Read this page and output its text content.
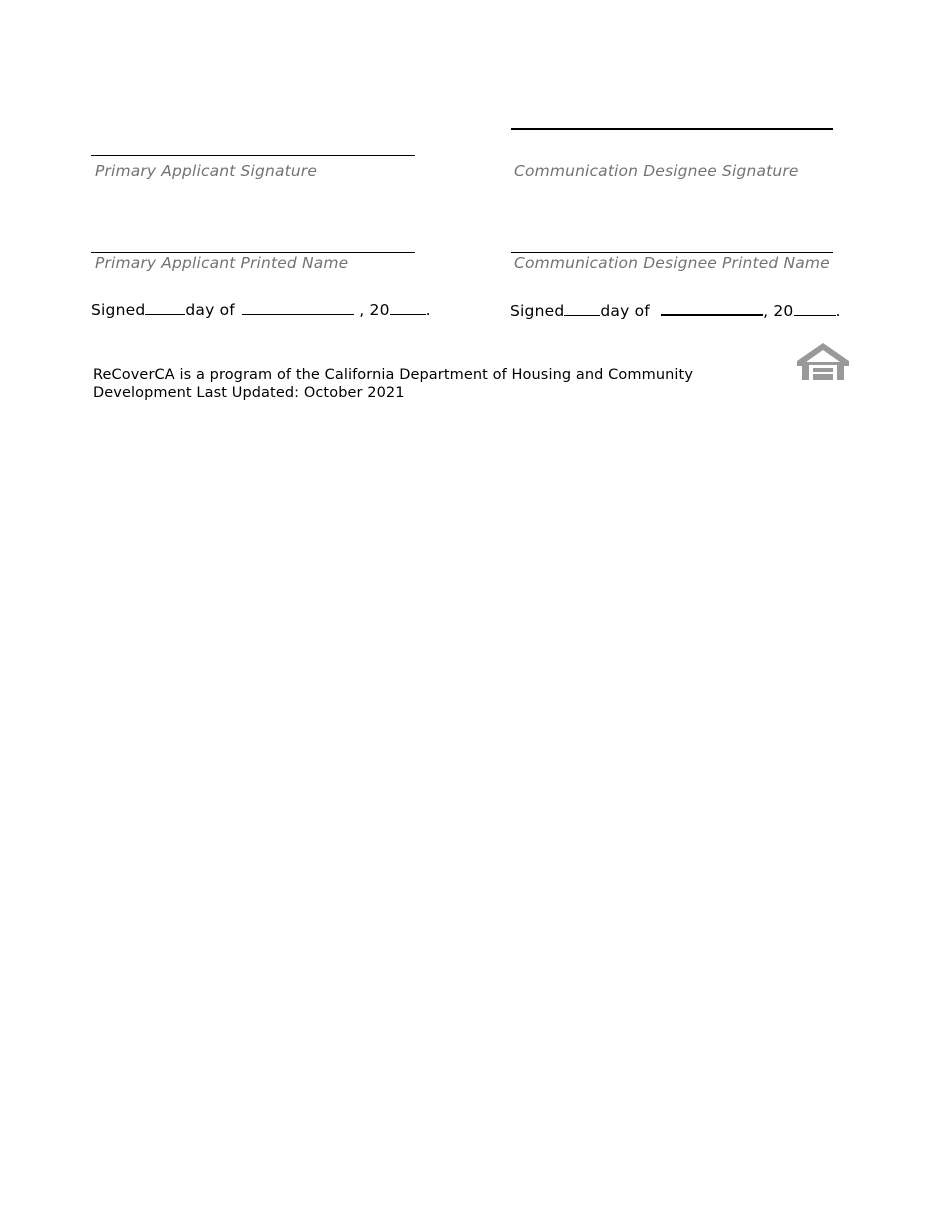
Primary Applicant Signature
Primary Applicant Printed Name
Signed	day of	, 20 .
Communication Designee Signature
Communication Designee Printed Name
Signed day of	, 20	.
ReCoverCA is a program of the California Department of Housing and Community
Development Last Updated: October 2021
